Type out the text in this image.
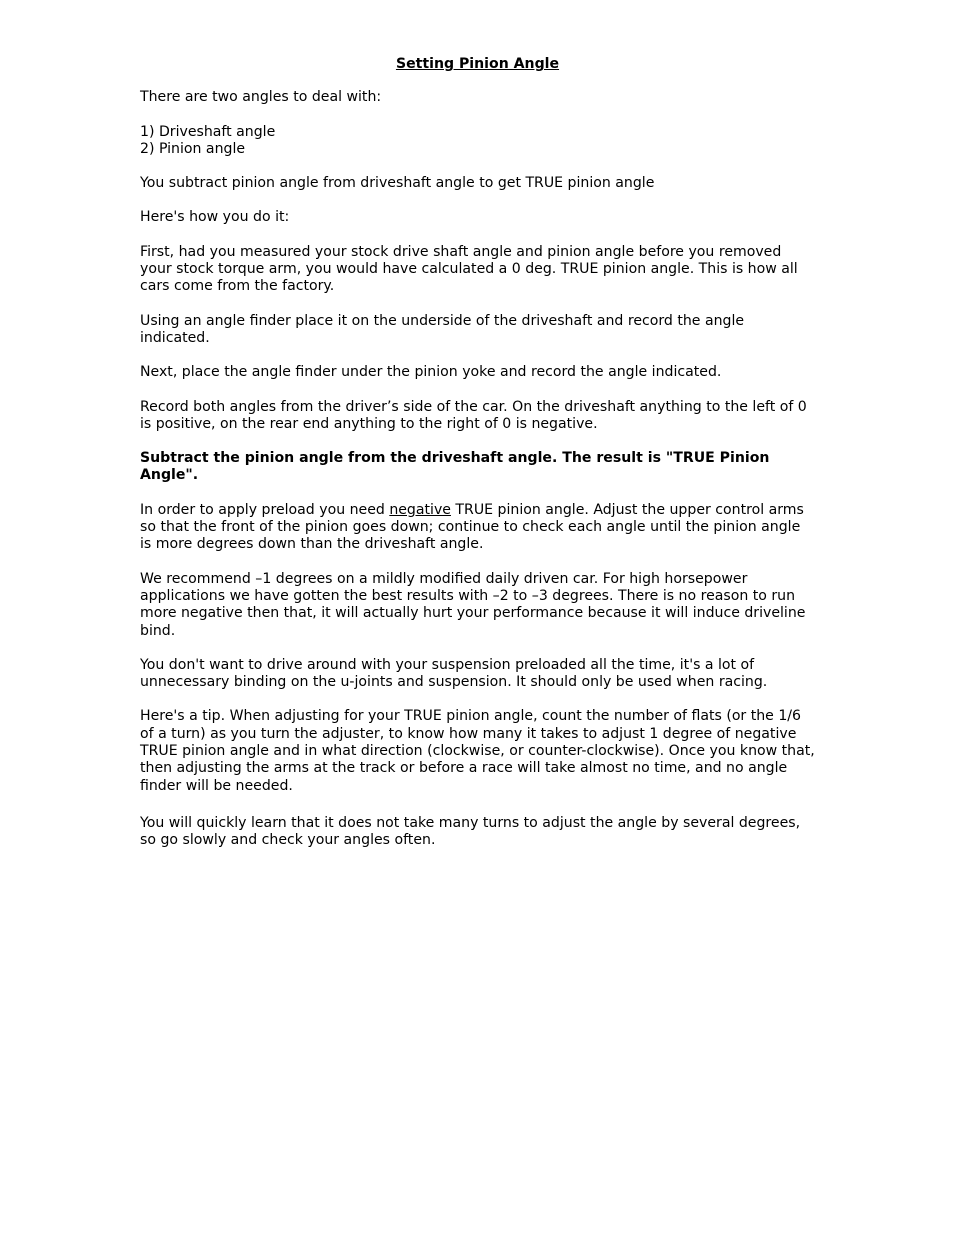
Setting Pinion Angle

There are two angles to deal with:

1) Driveshaft angle
2) Pinion angle

You subtract pinion angle from driveshaft angle to get TRUE pinion angle

Here's how you do it:

First, had you measured your stock drive shaft angle and pinion angle before you removed your stock torque arm, you would have calculated a 0 deg. TRUE pinion angle. This is how all cars come from the factory.

Using an angle finder place it on the underside of the driveshaft and record the angle indicated.

Next, place the angle finder under the pinion yoke and record the angle indicated.

Record both angles from the driver’s side of the car. On the driveshaft anything to the left of 0 is positive, on the rear end anything to the right of 0 is negative.

Subtract the pinion angle from the driveshaft angle. The result is "TRUE Pinion Angle".

In order to apply preload you need negative TRUE pinion angle. Adjust the upper control arms so that the front of the pinion goes down; continue to check each angle until the pinion angle is more degrees down than the driveshaft angle.

We recommend –1 degrees on a mildly modified daily driven car. For high horsepower applications we have gotten the best results with –2 to –3 degrees. There is no reason to run more negative then that, it will actually hurt your performance because it will induce driveline bind.

You don't want to drive around with your suspension preloaded all the time, it's a lot of unnecessary binding on the u-joints and suspension. It should only be used when racing.

Here's a tip. When adjusting for your TRUE pinion angle, count the number of flats (or the 1/6 of a turn) as you turn the adjuster, to know how many it takes to adjust 1 degree of negative TRUE pinion angle and in what direction (clockwise, or counter-clockwise). Once you know that, then adjusting the arms at the track or before a race will take almost no time, and no angle finder will be needed.

You will quickly learn that it does not take many turns to adjust the angle by several degrees, so go slowly and check your angles often.
